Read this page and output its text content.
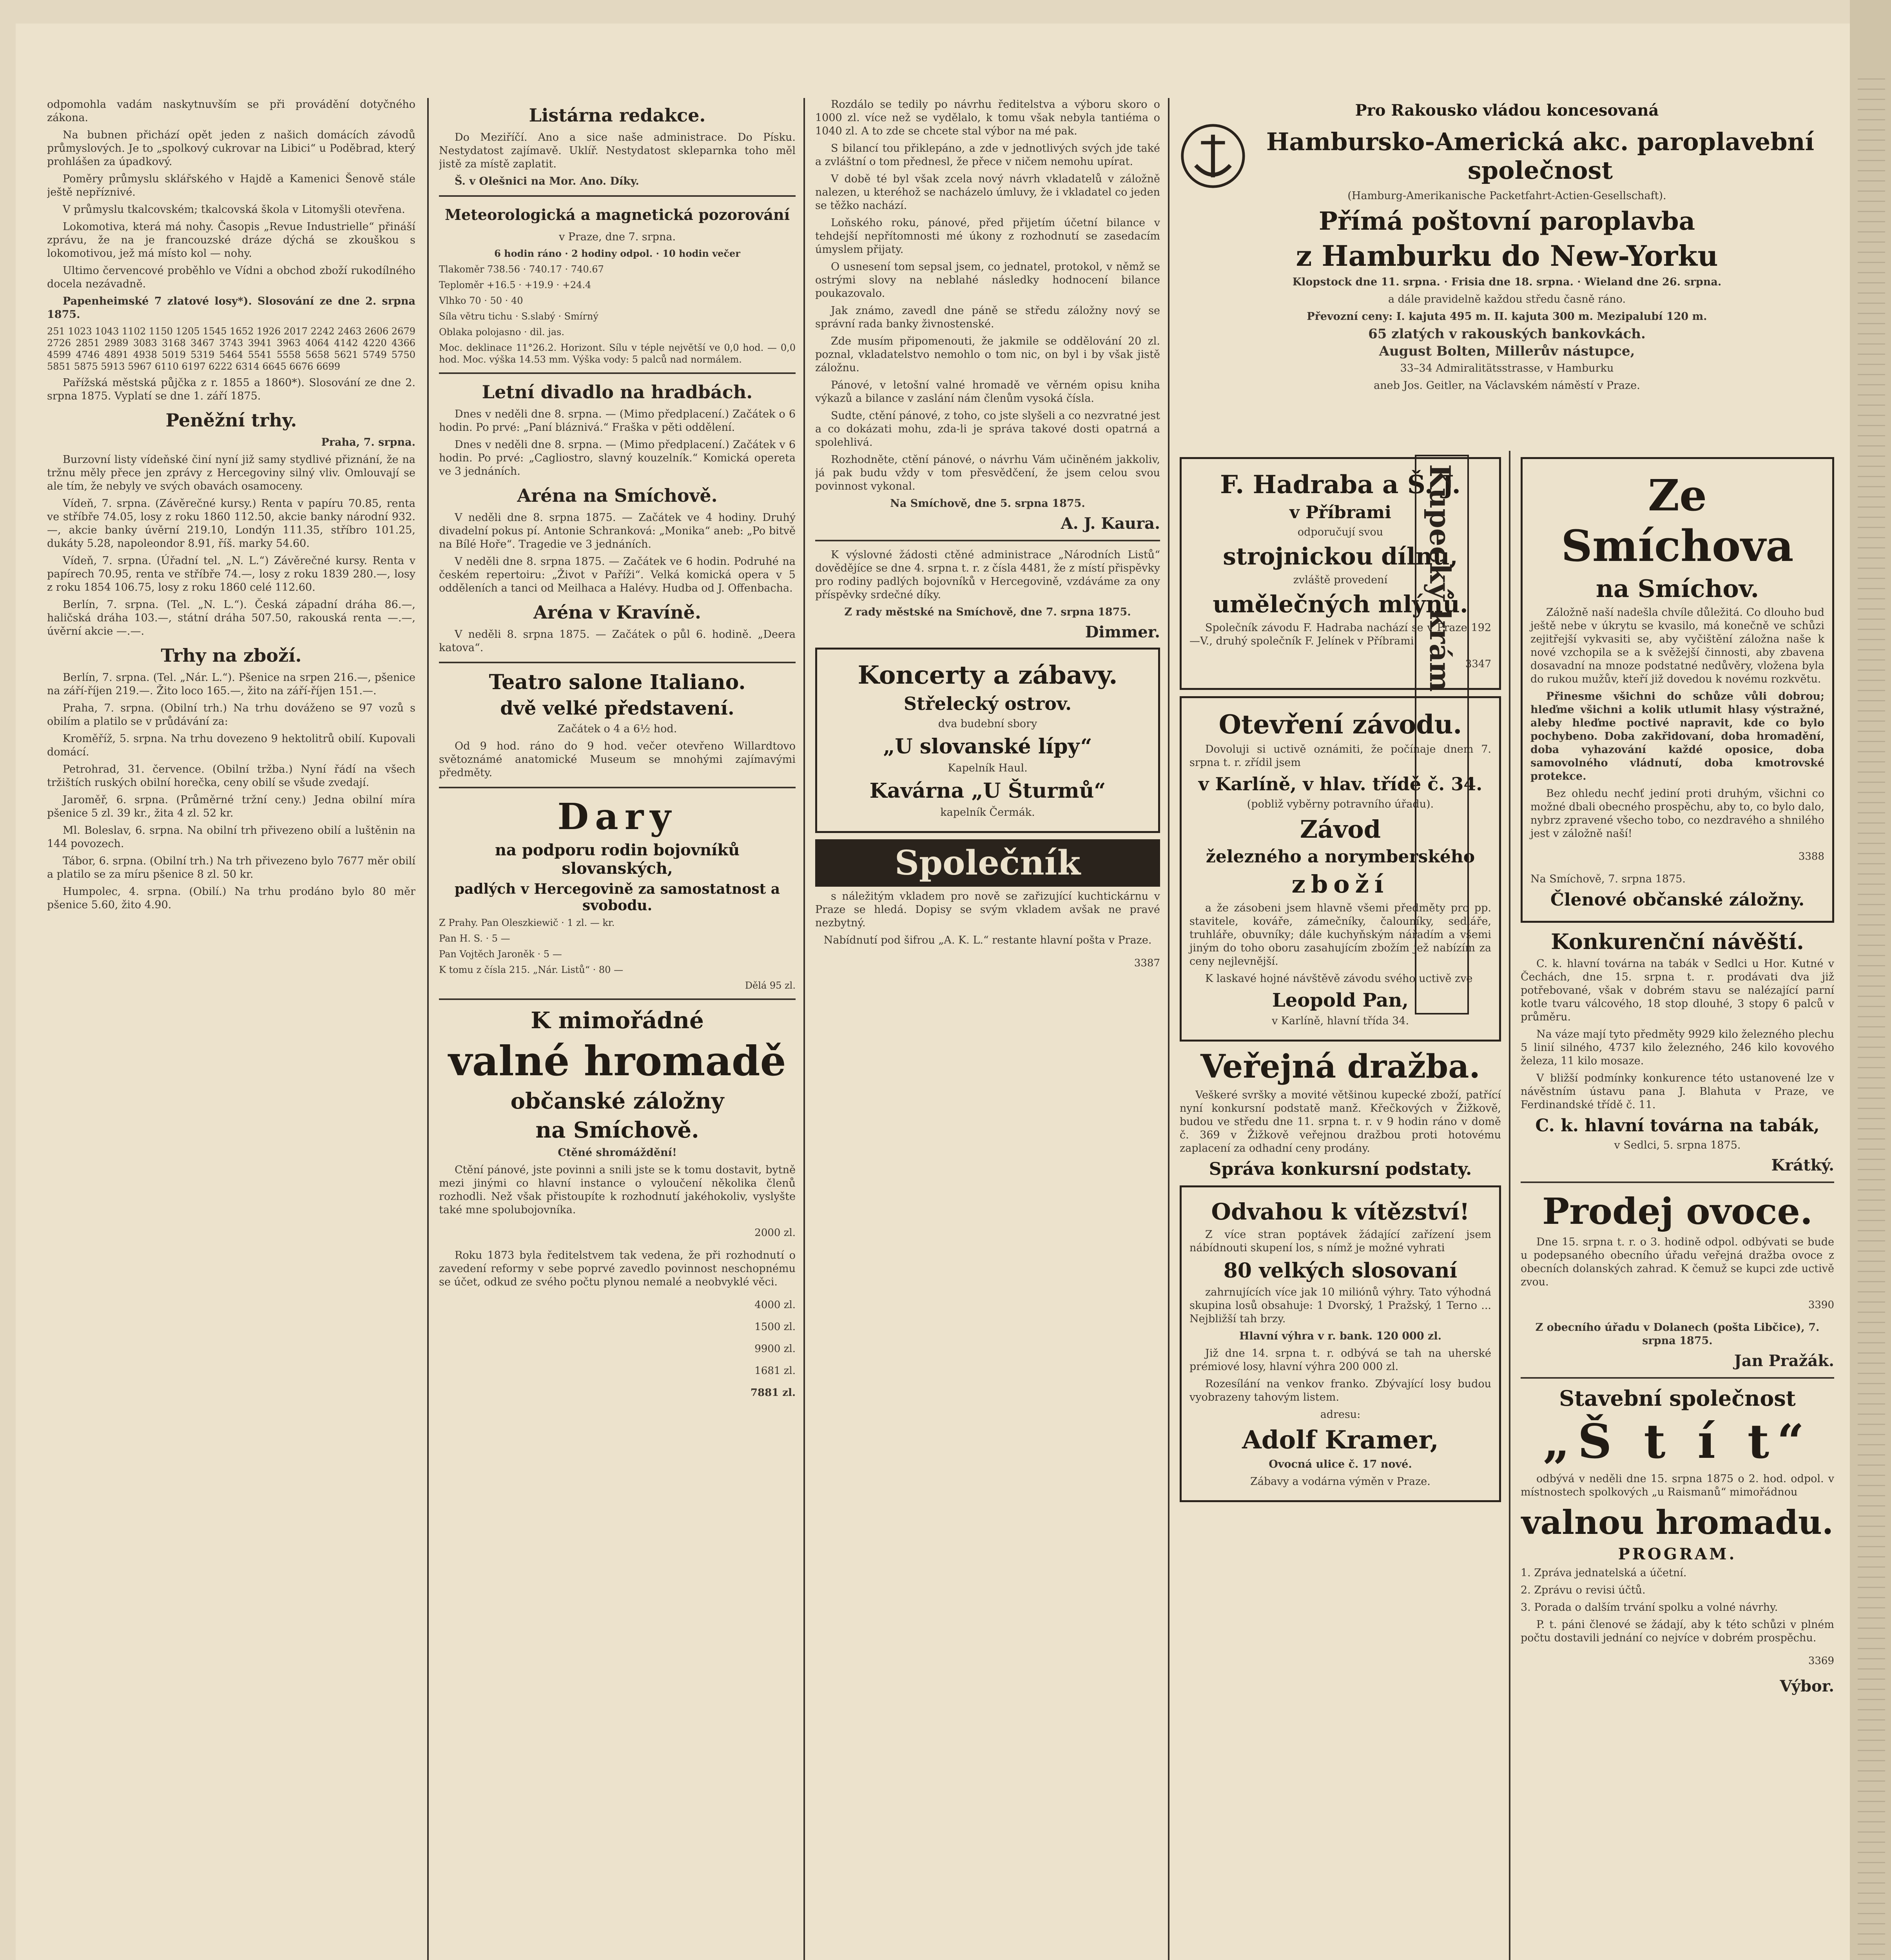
odpomohla vadám naskytnuvším se při provádění dotyčného zákona.

Na bubnen přichází opět jeden z našich domácích závodů průmyslových. Je to „spolkový cukrovar na Libici“ u Poděbrad, který prohlášen za úpadkový.

Poměry průmyslu sklářského v Hajdě a Kamenici Šenově stále ještě nepříznivé.

V průmyslu tkalcovském; tkalcovská škola v Litomyšli otevřena.

Lokomotiva, která má nohy. Časopis „Revue Industrielle“ přináší zprávu, že na je francouzské dráze dýchá se zkouškou s lokomotivou, jež má místo kol — nohy.

Ultimo červencové proběhlo ve Vídni a obchod zboží rukodílného docela nezávadně.

Papenheimské 7 zlatové losy*). Slosování ze dne 2. srpna 1875.

251 1023 1043 1102 1150 1205 1545 1652 1926 2017 2242 2463 2606 2679 2726 2851 2989 3083 3168 3467 3743 3941 3963 4064 4142 4220 4366 4599 4746 4891 4938 5019 5319 5464 5541 5558 5658 5621 5749 5750 5851 5875 5913 5967 6110 6197 6222 6314 6645 6676 6699

Pařížská městská půjčka z r. 1855 a 1860*). Slosování ze dne 2. srpna 1875. Vyplatí se dne 1. září 1875.

Peněžní trhy.

Praha, 7. srpna.

Burzovní listy vídeňské činí nyní již samy stydlivé přiznání, že na tržnu měly přece jen zprávy z Hercegoviny silný vliv. Omlouvají se ale tím, že nebyly ve svých obavách osamoceny.

Vídeň, 7. srpna. (Závěrečné kursy.) Renta v papíru 70.85, renta ve stříbře 74.05, losy z roku 1860 112.50, akcie banky národní 932.—, akcie banky úvěrní 219.10, Londýn 111.35, stříbro 101.25, dukáty 5.28, napoleondor 8.91, říš. marky 54.60.

Vídeň, 7. srpna. (Úřadní tel. „N. L.“) Závěrečné kursy. Renta v papírech 70.95, renta ve stříbře 74.—, losy z roku 1839 280.—, losy z roku 1854 106.75, losy z roku 1860 celé 112.60.

Berlín, 7. srpna. (Tel. „N. L.“). Česká západní dráha 86.—, haličská dráha 103.—, státní dráha 507.50, rakouská renta —.—, úvěrní akcie —.—.

Trhy na zboží.

Berlín, 7. srpna. (Tel. „Nár. L.“). Pšenice na srpen 216.—, pšenice na září-říjen 219.—. Žito loco 165.—, žito na září-říjen 151.—.

Praha, 7. srpna. (Obilní trh.) Na trhu dováženo se 97 vozů s obilím a platilo se v průdávání za:

Kroměříž, 5. srpna. Na trhu dovezeno 9 hektolitrů obilí. Kupovali domácí.

Petrohrad, 31. července. (Obilní tržba.) Nyní řádí na všech tržištích ruských obilní horečka, ceny obilí se všude zvedají.

Jaroměř, 6. srpna. (Průměrné tržní ceny.) Jedna obilní míra pšenice 5 zl. 39 kr., žita 4 zl. 52 kr.

Ml. Boleslav, 6. srpna. Na obilní trh přivezeno obilí a luštěnin na 144 povozech.

Tábor, 6. srpna. (Obilní trh.) Na trh přivezeno bylo 7677 měr obilí a platilo se za míru pšenice 8 zl. 50 kr.

Humpolec, 4. srpna. (Obilí.) Na trhu prodáno bylo 80 měr pšenice 5.60, žito 4.90.

Listárna redakce.

Do Meziříčí. Ano a sice naše administrace. Do Písku. Nestydatost zajímavě. Uklíř. Nestydatost skleparnka toho měl jistě za místě zaplatit.

Š. v Olešnici na Mor. Ano. Díky.

Meteorologická a magnetická pozorování

v Praze, dne 7. srpna.

6 hodin ráno · 2 hodiny odpol. · 10 hodin večer

Tlakoměr 738.56 · 740.17 · 740.67

Teploměr +16.5 · +19.9 · +24.4

Vlhko 70 · 50 · 40

Síla větru tichu · S.slabý · Smírný

Oblaka polojasno · dil. jas.

Moc. deklinace 11°26.2. Horizont. Sílu v téple největší ve 0,0 hod. — 0,0 hod. Moc. výška 14.53 mm. Výška vody: 5 palců nad normálem.

Letní divadlo na hradbách.

Dnes v neděli dne 8. srpna. — (Mimo předplacení.) Začátek o 6 hodin. Po prvé: „Paní bláznivá.“ Fraška v pěti oddělení.

Dnes v neděli dne 8. srpna. — (Mimo předplacení.) Začátek v 6 hodin. Po prvé: „Cagliostro, slavný kouzelník.“ Komická opereta ve 3 jednáních.

Aréna na Smíchově.

V neděli dne 8. srpna 1875. — Začátek ve 4 hodiny. Druhý divadelní pokus pí. Antonie Schranková: „Monika“ aneb: „Po bitvě na Bílé Hoře“. Tragedie ve 3 jednáních.

V neděli dne 8. srpna 1875. — Začátek ve 6 hodin. Podruhé na českém repertoiru: „Život v Paříži“. Velká komická opera v 5 odděleních a tanci od Meilhaca a Halévy. Hudba od J. Offenbacha.

Aréna v Kravíně.

V neděli 8. srpna 1875. — Začátek o půl 6. hodině. „Deera katova“.

Teatro salone Italiano.
dvě velké představení.

Začátek o 4 a 6½ hod.

Od 9 hod. ráno do 9 hod. večer otevřeno Willardtovo světoznámé anatomické Museum se mnohými zajímavými předměty.

Dary
na podporu rodin bojovníků slovanských,
padlých v Hercegovině za samostatnost a svobodu.

Z Prahy. Pan Oleszkiewič · 1 zl. — kr.

Pan H. S. · 5 —

Pan Vojtěch Jaroněk · 5 —

K tomu z čísla 215. „Nár. Listů“ · 80 —

Dělá 95 zl.

K mimořádné
valné hromadě
občanské záložny
na Smíchově.

Ctěné shromáždění!

Ctění pánové, jste povinni a snili jste se k tomu dostavit, bytně mezi jinými co hlavní instance o vyloučení několika členů rozhodli. Než však přistoupíte k rozhodnutí jakéhokoliv, vyslyšte také mne spolubojovníka.

2000 zl.

Roku 1873 byla ředitelstvem tak vedena, že při rozhodnutí o zavedení reformy v sebe poprvé zavedlo povinnost neschopnému se účet, odkud ze svého počtu plynou nemalé a neobvyklé věci.

4000 zl.

1500 zl.

9900 zl.

1681 zl.

7881 zl.

Rozdálo se tedily po návrhu ředitelstva a výboru skoro o 1000 zl. více než se vydělalo, k tomu však nebyla tantiéma o 1040 zl. A to zde se chcete stal výbor na mé pak.

S bilancí tou přiklepáno, a zde v jednotlivých svých jde také a zvláštní o tom přednesl, že přece v ničem nemohu upírat.

V době té byl však zcela nový návrh vkladatelů v záložně nalezen, u kteréhož se nacházelo úmluvy, že i vkladatel co jeden se těžko nachází.

Loňského roku, pánové, před přijetím účetní bilance v tehdejší nepřítomnosti mé úkony z rozhodnutí se zasedacím úmyslem přijaty.

O usnesení tom sepsal jsem, co jednatel, protokol, v němž se ostrými slovy na neblahé následky hodnocení bilance poukazovalo.

Jak známo, zavedl dne páně se středu záložny nový se správní rada banky živnostenské.

Zde musím připomenouti, že jakmile se oddělování 20 zl. poznal, vkladatelstvo nemohlo o tom nic, on byl i by však jistě záložnu.

Pánové, v letošní valné hromadě ve věrném opisu kniha výkazů a bilance v zaslání nám členům vysoká čísla.

Sudte, ctění pánové, z toho, co jste slyšeli a co nezvratné jest a co dokázati mohu, zda-li je správa takové dosti opatrná a spolehlivá.

Rozhodněte, ctění pánové, o návrhu Vám učiněném jakkoliv, já pak budu vždy v tom přesvědčení, že jsem celou svou povinnost vykonal.

Na Smíchově, dne 5. srpna 1875.

A. J. Kaura.

K výslovné žádosti ctěné administrace „Národních Listů“ dovědějíce se dne 4. srpna t. r. z čísla 4481, že z místí přispěvky pro rodiny padlých bojovníků v Hercegovině, vzdáváme za ony příspěvky srdečné díky.

Z rady městské na Smíchově, dne 7. srpna 1875.

Dimmer.
Koncerty a zábavy.
Střelecký ostrov.

dva budební sbory

„U slovanské lípy“

Kapelník Haul.

Kavárna „U Šturmů“

kapelník Čermák.

Společník

s náležitým vkladem pro nově se zařizující kuchtickárnu v Praze se hledá. Dopisy se svým vkladem avšak ne pravé nezbytný.

Nabídnutí pod šifrou „A. K. L.“ restante hlavní pošta v Praze.

3387

Pro Rakousko vládou koncesovaná
Hambursko-Americká akc. paroplavební společnost

(Hamburg-Amerikanische Packetfahrt-Actien-Gesellschaft).

Přímá poštovní paroplavba
z Hamburku do New-Yorku

Klopstock dne 11. srpna. · Frisia dne 18. srpna. · Wieland dne 26. srpna.

a dále pravidelně každou středu časně ráno.

Převozní ceny: I. kajuta 495 m. II. kajuta 300 m. Mezipalubí 120 m.

65 zlatých v rakouských bankovkách.

August Bolten, Millerův nástupce,

33–34 Admiralitätsstrasse, v Hamburku

aneb Jos. Geitler, na Václavském náměstí v Praze.

F. Hadraba a Š. J.
v Příbrami

odporučují svou

strojnickou dílnu,

zvláště provedení

umělečných mlýnů.

Společník závodu F. Hadraba nachází se v Praze 192—V., druhý společník F. Jelínek v Příbrami.

3347

Otevření závodu.

Dovoluji si uctivě oznámiti, že počínaje dnem 7. srpna t. r. zřídil jsem

v Karlíně, v hlav. třídě č. 34.

(pobliž vyběrny potravního úřadu).

Závod
železného a norymberského
zboží

a že zásobeni jsem hlavně všemi předměty pro pp. stavitele, kováře, zámečníky, čalouníky, sedláře, truhláře, obuvníky; dále kuchyňským nářadím a všemi jiným do toho oboru zasahujícím zbožím jež nabízím za ceny nejlevnější.

K laskavé hojné návštěvě závodu svého uctivě zve

Leopold Pan,

v Karlíně, hlavní třída 34.

Veřejná dražba.

Veškeré svršky a movité většinou kupecké zboží, patřící nyní konkursní podstatě manž. Křečkových v Žižkově, budou ve středu dne 11. srpna t. r. v 9 hodin ráno v domě č. 369 v Žižkově veřejnou dražbou proti hotovému zaplacení za odhadní ceny prodány.

Správa konkursní podstaty.
Odvahou k vítězství!

Z více stran poptávek žádající zařízení jsem nábídnouti skupení los, s nímž je možné vyhrati

80 velkých slosovaní

zahrnujících více jak 10 miliónů výhry. Tato výhodná skupina losů obsahuje: 1 Dvorský, 1 Pražský, 1 Terno ... Nejbližší tah brzy.

Hlavní výhra v r. bank. 120 000 zl.

Již dne 14. srpna t. r. odbývá se tah na uherské prémiové losy, hlavní výhra 200 000 zl.

Rozesílání na venkov franko. Zbývající losy budou vyobrazeny tahovým listem.

adresu:

Adolf Kramer,

Ovocná ulice č. 17 nové.

Zábavy a vodárna výměn v Praze.

Kupecký krám	Ze Smíchova
na Smíchov.

Záložně naší nadešla chvíle důležitá. Co dlouho bud ještě nebe v úkrytu se kvasilo, má konečně ve schůzi zejitřejší vykvasiti se, aby vyčištění záložna naše k nové vzchopila se a k svěžejší činnosti, aby zbavena dosavadní na mnoze podstatné nedůvěry, vložena byla do rukou mužův, kteří již dovedou k novému rozkvětu.

Přinesme všichni do schůze vůli dobrou; hleďme všichni a kolik utlumit hlasy výstražné, aleby hleďme poctivé napravit, kde co bylo pochybeno. Doba zakřidovaní, doba hromadění, doba vyhazování každé oposice, doba samovolného vládnutí, doba kmotrovské protekce.

Bez ohledu nechť jediní proti druhým, všichni co možné dbali obecného prospěchu, aby to, co bylo dalo, nybrz zpravené všecho tobo, co nezdravého a shnilého jest v záložně naší!

3388

Na Smíchově, 7. srpna 1875.

Členové občanské záložny.
Konkurenční návěští.

C. k. hlavní továrna na tabák v Sedlci u Hor. Kutné v Čechách, dne 15. srpna t. r. prodávati dva již potřebované, však v dobrém stavu se nalézající parní kotle tvaru válcového, 18 stop dlouhé, 3 stopy 6 palců v průměru.

Na váze mají tyto předměty 9929 kilo železného plechu 5 linií silného, 4737 kilo železného, 246 kilo kovového železa, 11 kilo mosaze.

V bližší podmínky konkurence této ustanovené lze v návěstním ústavu pana J. Blahuta v Praze, ve Ferdinandské třídě č. 11.

C. k. hlavní továrna na tabák,

v Sedlci, 5. srpna 1875.

Krátký.
Prodej ovoce.

Dne 15. srpna t. r. o 3. hodině odpol. odbývati se bude u podepsaného obecního úřadu veřejná dražba ovoce z obecních dolanských zahrad. K čemuž se kupci zde uctivě zvou.

3390

Z obecního úřadu v Dolanech (pošta Libčice), 7. srpna 1875.

Jan Pražák.
Stavební společnost
„Š t í t“

odbývá v neděli dne 15. srpna 1875 o 2. hod. odpol. v místnostech spolkových „u Raismanů“ mimořádnou

valnou hromadu.
PROGRAM.

1. Zpráva jednatelská a účetní.

2. Zprávu o revisi účtů.

3. Porada o dalším trvání spolku a volné návrhy.

P. t. páni členové se žádají, aby k této schůzi v plném počtu dostavili jednání co nejvíce v dobrém prospěchu.

3369

Výbor.
